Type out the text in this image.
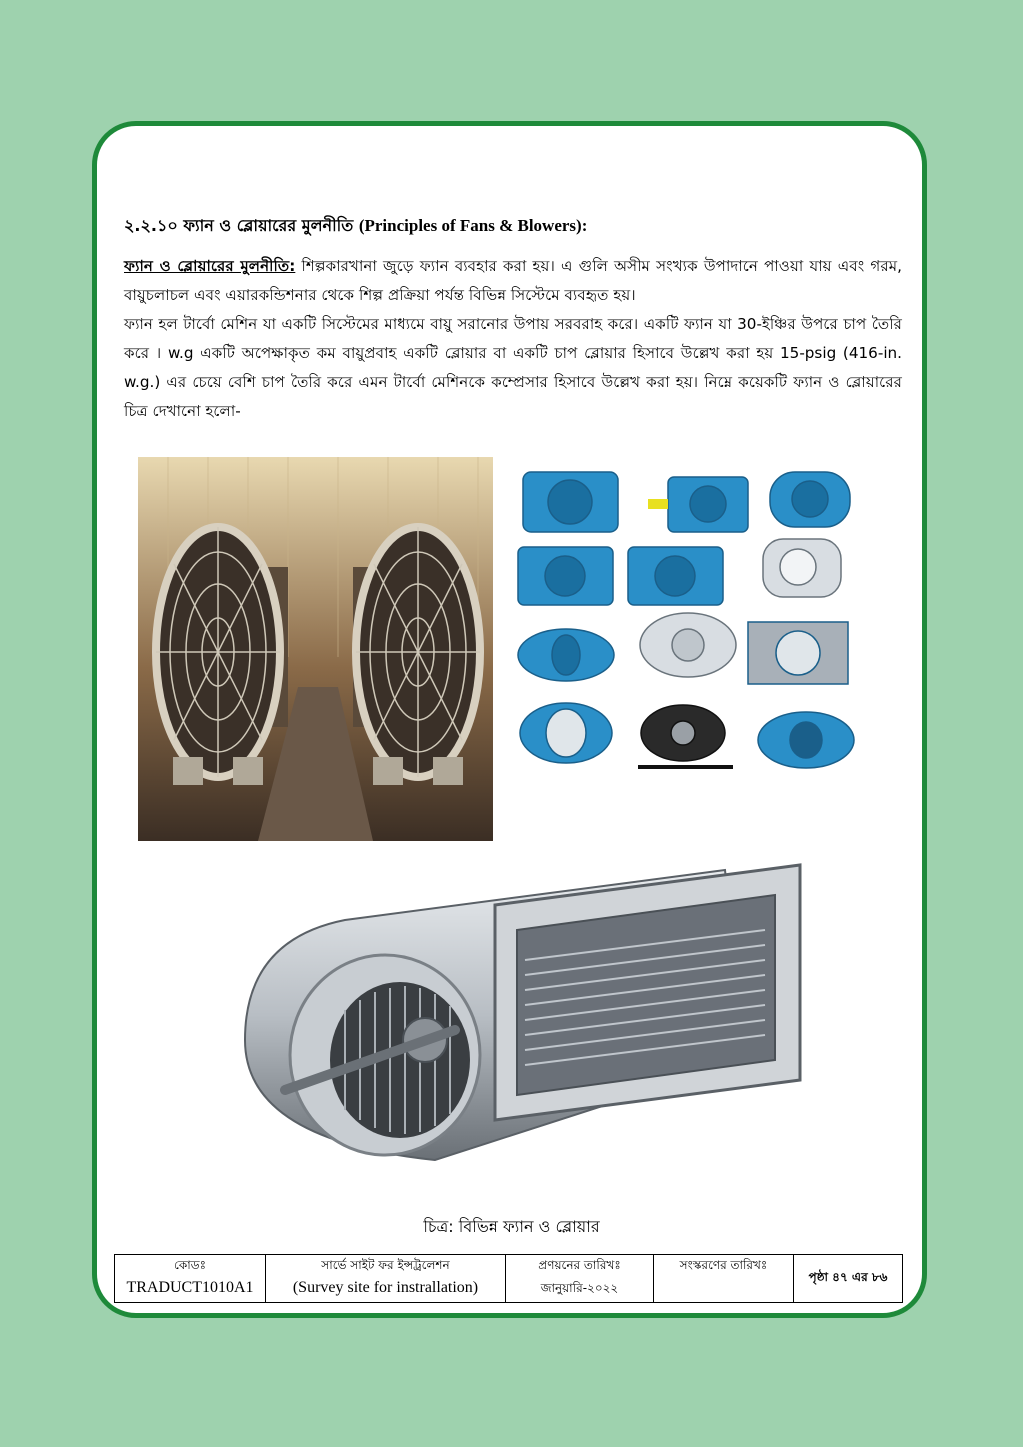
২.২.১০ ফ্যান ও ব্লোয়ারের মুলনীতি (Principles of Fans & Blowers):

ফ্যান ও ব্লোয়ারের মুলনীতি: শিল্পকারখানা জুড়ে ফ্যান ব্যবহার করা হয়। এ গুলি অসীম সংখ্যক উপাদানে পাওয়া যায় এবং গরম, বায়ুচলাচল এবং এয়ারকন্ডিশনার থেকে শিল্প প্রক্রিয়া পর্যন্ত বিভিন্ন সিস্টেমে ব্যবহৃত হয়।

ফ্যান হল টার্বো মেশিন যা একটি সিস্টেমের মাধ্যমে বায়ু সরানোর উপায় সরবরাহ করে। একটি ফ্যান যা 30-ইঞ্চির উপরে চাপ তৈরি করে । w.g একটি অপেক্ষাকৃত কম বায়ুপ্রবাহ একটি ব্লোয়ার বা একটি চাপ ব্লোয়ার হিসাবে উল্লেখ করা হয় 15-psig (416-in. w.g.) এর চেয়ে বেশি চাপ তৈরি করে এমন টার্বো মেশিনকে কম্প্রেসার হিসাবে উল্লেখ করা হয়। নিম্নে কয়েকটি ফ্যান ও ব্লোয়ারের চিত্র দেখানো হলো-

চিত্র: বিভিন্ন ফ্যান ও ব্লোয়ার
কোডঃ
TRADUCT1010A1
	সার্ভে সাইট ফর ইন্সট্রলেশন
(Survey site for instrallation)
	প্রণয়নের তারিখঃ
জানুয়ারি-২০২২
	সংস্করণের তারিখঃ	পৃষ্ঠা ৪৭ এর ৮৬
